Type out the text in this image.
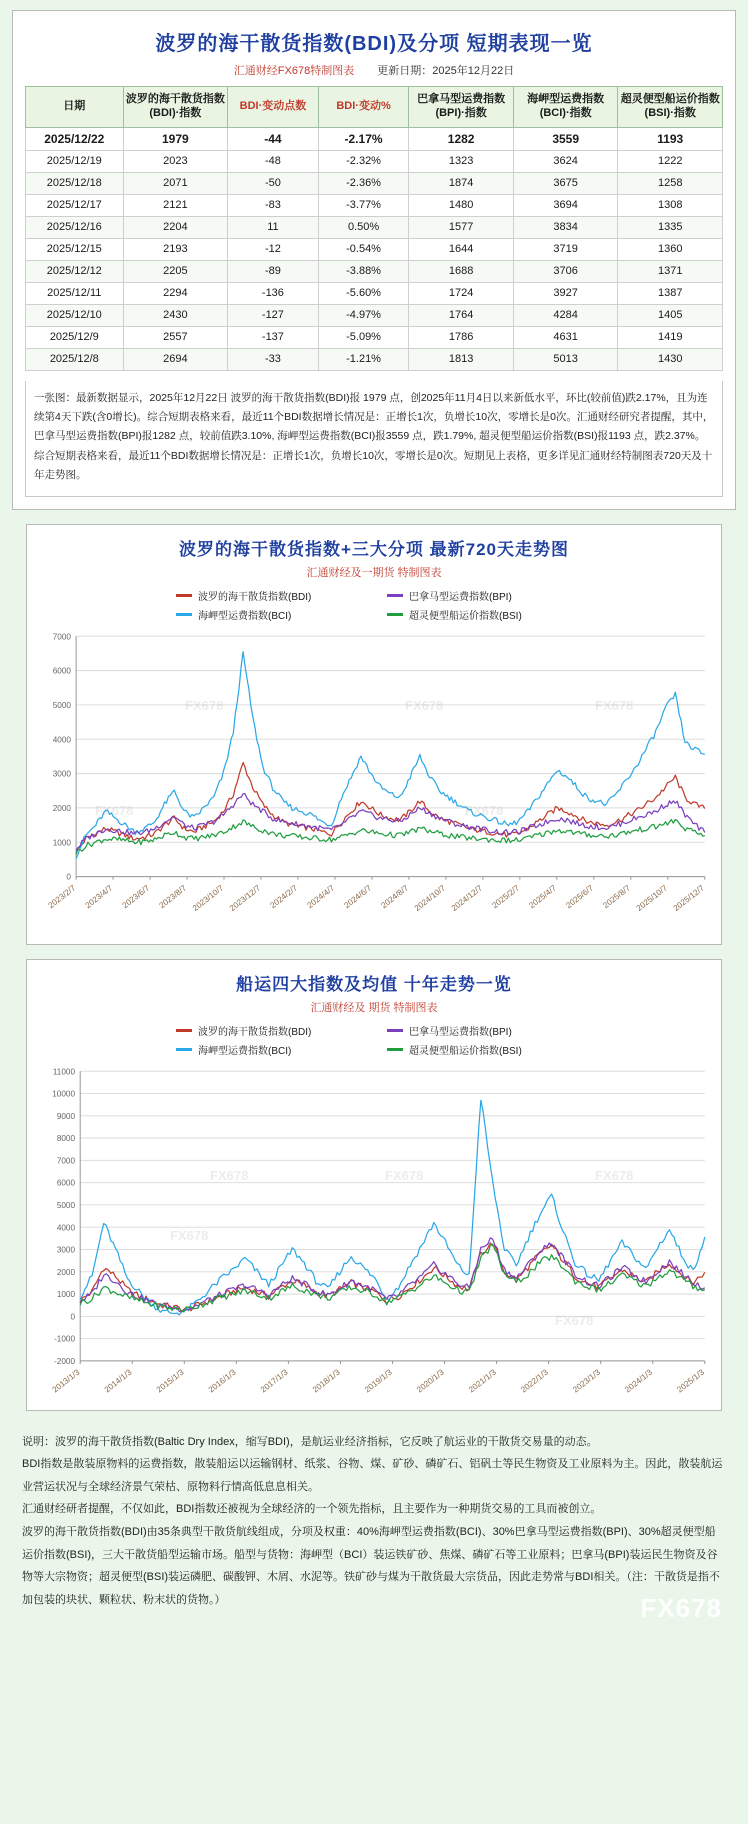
波罗的海干散货指数(BDI)及分项 短期表现一览
汇通财经FX678特制图表 更新日期：2025年12月22日
日期	波罗的海干散货指数(BDI)·指数	BDI·变动点数	BDI·变动%	巴拿马型运费指数(BPI)·指数	海岬型运费指数(BCI)·指数	超灵便型船运价指数(BSI)·指数
2025/12/22	1979	-44	-2.17%	1282	3559	1193
2025/12/19	2023	-48	-2.32%	1323	3624	1222
2025/12/18	2071	-50	-2.36%	1874	3675	1258
2025/12/17	2121	-83	-3.77%	1480	3694	1308
2025/12/16	2204	11	0.50%	1577	3834	1335
2025/12/15	2193	-12	-0.54%	1644	3719	1360
2025/12/12	2205	-89	-3.88%	1688	3706	1371
2025/12/11	2294	-136	-5.60%	1724	3927	1387
2025/12/10	2430	-127	-4.97%	1764	4284	1405
2025/12/9	2557	-137	-5.09%	1786	4631	1419
2025/12/8	2694	-33	-1.21%	1813	5013	1430
一张图：最新数据显示，2025年12月22日 波罗的海干散货指数(BDI)报 1979 点，创2025年11月4日以来新低水平，环比(较前值)跌2.17%，且为连续第4天下跌(含0增长)。综合短期表格来看，最近11个BDI数据增长情况是：正增长1次，负增长10次，零增长是0次。汇通财经研究者提醒，其中，巴拿马型运费指数(BPI)报1282 点，较前值跌3.10%, 海岬型运费指数(BCI)报3559 点，跌1.79%, 超灵便型船运价指数(BSI)报1193 点，跌2.37%。综合短期表格来看，最近11个BDI数据增长情况是：正增长1次，负增长10次，零增长是0次。短期见上表格，更多详见汇通财经特制图表720天及十年走势图。
波罗的海干散货指数+三大分项 最新720天走势图
汇通财经及一期货 特制图表
波罗的海干散货指数(BDI)	巴拿马型运费指数(BPI)
海岬型运费指数(BCI)	超灵便型船运价指数(BSI)
0
1000
2000
3000
4000
5000
6000
7000
2023/2/7 2023/4/7 2023/6/7 2023/8/7 2023/10/7 2023/12/7 2024/2/7 2024/4/7 2024/6/7 2024/8/7 2024/10/7 2024/12/7 2025/2/7 2025/4/7 2025/6/7 2025/8/7 2025/10/7 2025/12/7
FX678	FX678	FX678
FX678	FX678
船运四大指数及均值 十年走势一览
汇通财经及 期货 特制图表
波罗的海干散货指数(BDI)	巴拿马型运费指数(BPI)
海岬型运费指数(BCI)	超灵便型船运价指数(BSI)
-2000
-1000
0
1000
2000
3000
4000
5000
6000
7000
8000
9000
10000
11000
2013/1/3	2014/1/3	2015/1/3	2016/1/3	2017/1/3	2018/1/3	2019/1/3	2020/1/3	2021/1/3	2022/1/3	2023/1/3	2024/1/3	2025/1/3
FX678	FX678	FX678
FX678
FX678

说明：波罗的海干散货指数(Baltic Dry Index，缩写BDI)，是航运业经济指标，它反映了航运业的干散货交易量的动态。

BDI指数是散装原物料的运费指数，散装船运以运输钢材、纸浆、谷物、煤、矿砂、磷矿石、铝矾土等民生物资及工业原料为主。因此，散装航运业营运状况与全球经济景气荣枯、原物料行情高低息息相关。

汇通财经研者提醒，不仅如此，BDI指数还被视为全球经济的一个领先指标，且主要作为一种期货交易的工具而被创立。

波罗的海干散货指数(BDI)由35条典型干散货航线组成，分项及权重：40%海岬型运费指数(BCI)、30%巴拿马型运费指数(BPI)、30%超灵便型船运价指数(BSI)，三大干散货船型运输市场。船型与货物：海岬型（BCI）装运铁矿砂、焦煤、磷矿石等工业原料；巴拿马(BPI)装运民生物资及谷物等大宗物资；超灵便型(BSI)装运磷肥、碳酸钾、木屑、水泥等。铁矿砂与煤为干散货最大宗货品，因此走势常与BDI相关。（注：干散货是指不加包装的块状、颗粒状、粉末状的货物。）	FX678
